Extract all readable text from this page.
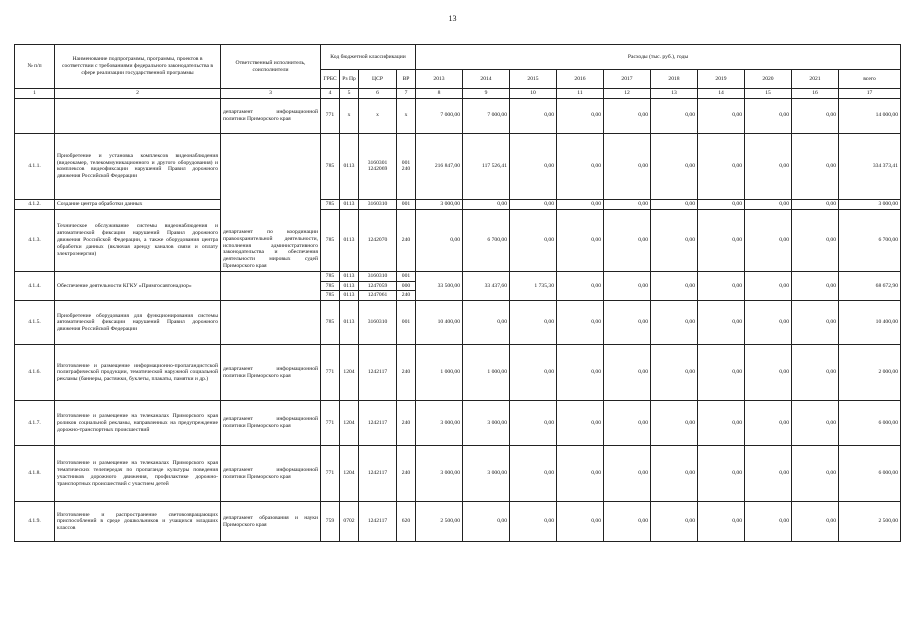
13
№ п/п	Наименование подпрограммы, программы, проектов в соответствии с требованиями федерального законодательства в сфере реализации государственной программы	Ответственный исполнитель, соисполнители	Код бюджетной классификации				Расходы (тыс. руб.), годы									
			ГРБС	Рз Пр	ЦСР	ВР	2013	2014	2015	2016	2017	2018	2019	2020	2021	всего
1	2	3	4	5	6	7	8	9	10	11	12	13	14	15	16	17
		департамент информационной политики Приморского края	771	х	х	х	7 000,00	7 000,00	0,00	0,00	0,00	0,00	0,00	0,00	0,00	14 000,00
4.1.1.	Приобретение и установка комплексов видеонаблюдения (видеокамер, телекоммуникационного и другого оборудования) и комплексов видеофиксации нарушений Правил дорожного движения Российской Федерации	департамент по координации правоохранительной деятельности, исполнения административного законодательства и обеспечения деятельности мировых судей Приморского края	785	0113	3160301 1242069	001 240	216 847,00	117 526,41	0,00	0,00	0,00	0,00	0,00	0,00	0,00	334 373,41
4.1.2.	Создание центра обработки данных		785	0113	3160310	001	3 000,00	0,00	0,00	0,00	0,00	0,00	0,00	0,00	0,00	3 000,00
4.1.3.	Техническое обслуживание системы видеонаблюдения и автоматической фиксации нарушений Правил дорожного движения Российской Федерации, а также оборудования центра обработки данных (включая аренду каналов связи и оплату электроэнергии)		785	0113	1242070	240	0,00	6 700,00	0,00	0,00	0,00	0,00	0,00	0,00	0,00	6 700,00
4.1.4.	Обеспечение деятельности КГКУ «Примгосавтонадзор»		785	0113	3160310	001	33 500,00	33 437,60	1 735,30	0,00	0,00	0,00	0,00	0,00	0,00	68 672,90
			785	0113	1247059	000										
			785	0113	1247061	240										
4.1.5.	Приобретение оборудования для функционирования системы автоматической фиксации нарушений Правил дорожного движения Российской Федерации		785	0113	3160310	001	10 400,00	0,00	0,00	0,00	0,00	0,00	0,00	0,00	0,00	10 400,00
4.1.6.	Изготовление и размещение информационно-пропагандистской полиграфической продукции, тематической наружной социальной рекламы (баннеры, растяжки, буклеты, плакаты, памятки и др.)	департамент информационной политики Приморского края	771	1204	1242117	240	1 000,00	1 000,00	0,00	0,00	0,00	0,00	0,00	0,00	0,00	2 000,00
4.1.7.	Изготовление и размещение на телеканалах Приморского края роликов социальной рекламы, направленных на предупреждение дорожно-транспортных происшествий	департамент информационной политики Приморского края	771	1204	1242117	240	3 000,00	3 000,00	0,00	0,00	0,00	0,00	0,00	0,00	0,00	6 000,00
4.1.8.	Изготовление и размещение на телеканалах Приморского края тематических телепередач по пропаганде культуры поведения участников дорожного движения, профилактике дорожно-транспортных происшествий с участием детей	департамент информационной политики Приморского края	771	1204	1242117	240	3 000,00	3 000,00	0,00	0,00	0,00	0,00	0,00	0,00	0,00	6 000,00
4.1.9.	Изготовление и распространение световозвращающих приспособлений в среде дошкольников и учащихся младших классов	департамент образования и науки Приморского края	759	0702	1242117	620	2 500,00	0,00	0,00	0,00	0,00	0,00	0,00	0,00	0,00	2 500,00
